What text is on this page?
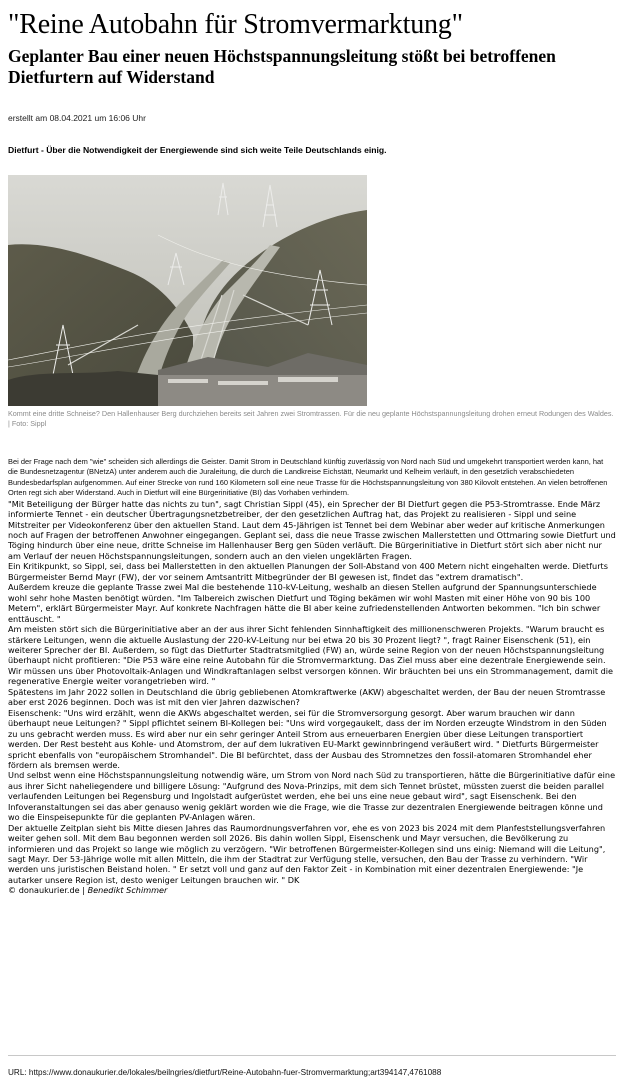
"Reine Autobahn für Stromvermarktung"
Geplanter Bau einer neuen Höchstspannungsleitung stößt bei betroffenen Dietfurtern auf Widerstand
erstellt am 08.04.2021 um 16:06 Uhr
Dietfurt - Über die Notwendigkeit der Energiewende sind sich weite Teile Deutschlands einig.
Kommt eine dritte Schneise? Den Hallenhauser Berg durchziehen bereits seit Jahren zwei Stromtrassen. Für die neu geplante Höchstspannungsleitung drohen erneut Rodungen des Waldes. | Foto: Sippl

Bei der Frage nach dem "wie" scheiden sich allerdings die Geister. Damit Strom in Deutschland künftig zuverlässig von Nord nach Süd und umgekehrt transportiert werden kann, hat die Bundesnetzagentur (BNetzA) unter anderem auch die Juraleitung, die durch die Landkreise Eichstätt, Neumarkt und Kelheim verläuft, in den gesetzlich verabschiedeten Bundesbedarfsplan aufgenommen. Auf einer Strecke von rund 160 Kilometern soll eine neue Trasse für die Höchstspannungsleitung von 380 Kilovolt entstehen. An vielen betroffenen Orten regt sich aber Widerstand. Auch in Dietfurt will eine Bürgerinitiative (BI) das Vorhaben verhindern.

"Mit Beteiligung der Bürger hatte das nichts zu tun", sagt Christian Sippl (45), ein Sprecher der BI Dietfurt gegen die P53-Stromtrasse. Ende März informierte Tennet - ein deutscher Übertragungsnetzbetreiber, der den gesetzlichen Auftrag hat, das Projekt zu realisieren - Sippl und seine Mitstreiter per Videokonferenz über den aktuellen Stand. Laut dem 45-Jährigen ist Tennet bei dem Webinar aber weder auf kritische Anmerkungen noch auf Fragen der betroffenen Anwohner eingegangen. Geplant sei, dass die neue Trasse zwischen Mallerstetten und Ottmaring sowie Dietfurt und Töging hindurch über eine neue, dritte Schneise im Hallenhauser Berg gen Süden verläuft. Die Bürgerinitiative in Dietfurt stört sich aber nicht nur am Verlauf der neuen Höchstspannungsleitungen, sondern auch an den vielen ungeklärten Fragen.

Ein Kritikpunkt, so Sippl, sei, dass bei Mallerstetten in den aktuellen Planungen der Soll-Abstand von 400 Metern nicht eingehalten werde. Dietfurts Bürgermeister Bernd Mayr (FW), der vor seinem Amtsantritt Mitbegründer der BI gewesen ist, findet das "extrem dramatisch".

Außerdem kreuze die geplante Trasse zwei Mal die bestehende 110-kV-Leitung, weshalb an diesen Stellen aufgrund der Spannungsunterschiede wohl sehr hohe Masten benötigt würden. "Im Talbereich zwischen Dietfurt und Töging bekämen wir wohl Masten mit einer Höhe von 90 bis 100 Metern", erklärt Bürgermeister Mayr. Auf konkrete Nachfragen hätte die BI aber keine zufriedenstellenden Antworten bekommen. "Ich bin schwer enttäuscht. "

Am meisten stört sich die Bürgerinitiative aber an der aus ihrer Sicht fehlenden Sinnhaftigkeit des millionenschweren Projekts. "Warum braucht es stärkere Leitungen, wenn die aktuelle Auslastung der 220-kV-Leitung nur bei etwa 20 bis 30 Prozent liegt? ", fragt Rainer Eisenschenk (51), ein weiterer Sprecher der BI. Außerdem, so fügt das Dietfurter Stadtratsmitglied (FW) an, würde seine Region von der neuen Höchstspannungsleitung überhaupt nicht profitieren: "Die P53 wäre eine reine Autobahn für die Stromvermarktung. Das Ziel muss aber eine dezentrale Energiewende sein. Wir müssen uns über Photovoltaik-Anlagen und Windkraftanlagen selbst versorgen können. Wir bräuchten bei uns ein Strommanagement, damit die regenerative Energie weiter vorangetrieben wird. "

Spätestens im Jahr 2022 sollen in Deutschland die übrig gebliebenen Atomkraftwerke (AKW) abgeschaltet werden, der Bau der neuen Stromtrasse aber erst 2026 beginnen. Doch was ist mit den vier Jahren dazwischen?

Eisenschenk: "Uns wird erzählt, wenn die AKWs abgeschaltet werden, sei für die Stromversorgung gesorgt. Aber warum brauchen wir dann überhaupt neue Leitungen? " Sippl pflichtet seinem BI-Kollegen bei: "Uns wird vorgegaukelt, dass der im Norden erzeugte Windstrom in den Süden zu uns gebracht werden muss. Es wird aber nur ein sehr geringer Anteil Strom aus erneuerbaren Energien über diese Leitungen transportiert werden. Der Rest besteht aus Kohle- und Atomstrom, der auf dem lukrativen EU-Markt gewinnbringend veräußert wird. " Dietfurts Bürgermeister spricht ebenfalls von "europäischem Stromhandel". Die BI befürchtet, dass der Ausbau des Stromnetzes den fossil-atomaren Stromhandel eher fördern als bremsen werde.

Und selbst wenn eine Höchstspannungsleitung notwendig wäre, um Strom von Nord nach Süd zu transportieren, hätte die Bürgerinitiative dafür eine aus ihrer Sicht naheliegendere und billigere Lösung: "Aufgrund des Nova-Prinzips, mit dem sich Tennet brüstet, müssten zuerst die beiden parallel verlaufenden Leitungen bei Regensburg und Ingolstadt aufgerüstet werden, ehe bei uns eine neue gebaut wird", sagt Eisenschenk. Bei den Infoveranstaltungen sei das aber genauso wenig geklärt worden wie die Frage, wie die Trasse zur dezentralen Energiewende beitragen könne und wo die Einspeisepunkte für die geplanten PV-Anlagen wären.

Der aktuelle Zeitplan sieht bis Mitte diesen Jahres das Raumordnungsverfahren vor, ehe es von 2023 bis 2024 mit dem Planfeststellungsverfahren weiter gehen soll. Mit dem Bau begonnen werden soll 2026. Bis dahin wollen Sippl, Eisenschenk und Mayr versuchen, die Bevölkerung zu informieren und das Projekt so lange wie möglich zu verzögern. "Wir betroffenen Bürgermeister-Kollegen sind uns einig: Niemand will die Leitung", sagt Mayr. Der 53-Jährige wolle mit allen Mitteln, die ihm der Stadtrat zur Verfügung stelle, versuchen, den Bau der Trasse zu verhindern. "Wir werden uns juristischen Beistand holen. " Er setzt voll und ganz auf den Faktor Zeit - in Kombination mit einer dezentralen Energiewende: "Je autarker unsere Region ist, desto weniger Leitungen brauchen wir. " DK

© donaukurier.de | Benedikt Schimmer

URL: https://www.donaukurier.de/lokales/beilngries/dietfurt/Reine-Autobahn-fuer-Stromvermarktung;art394147,4761088
